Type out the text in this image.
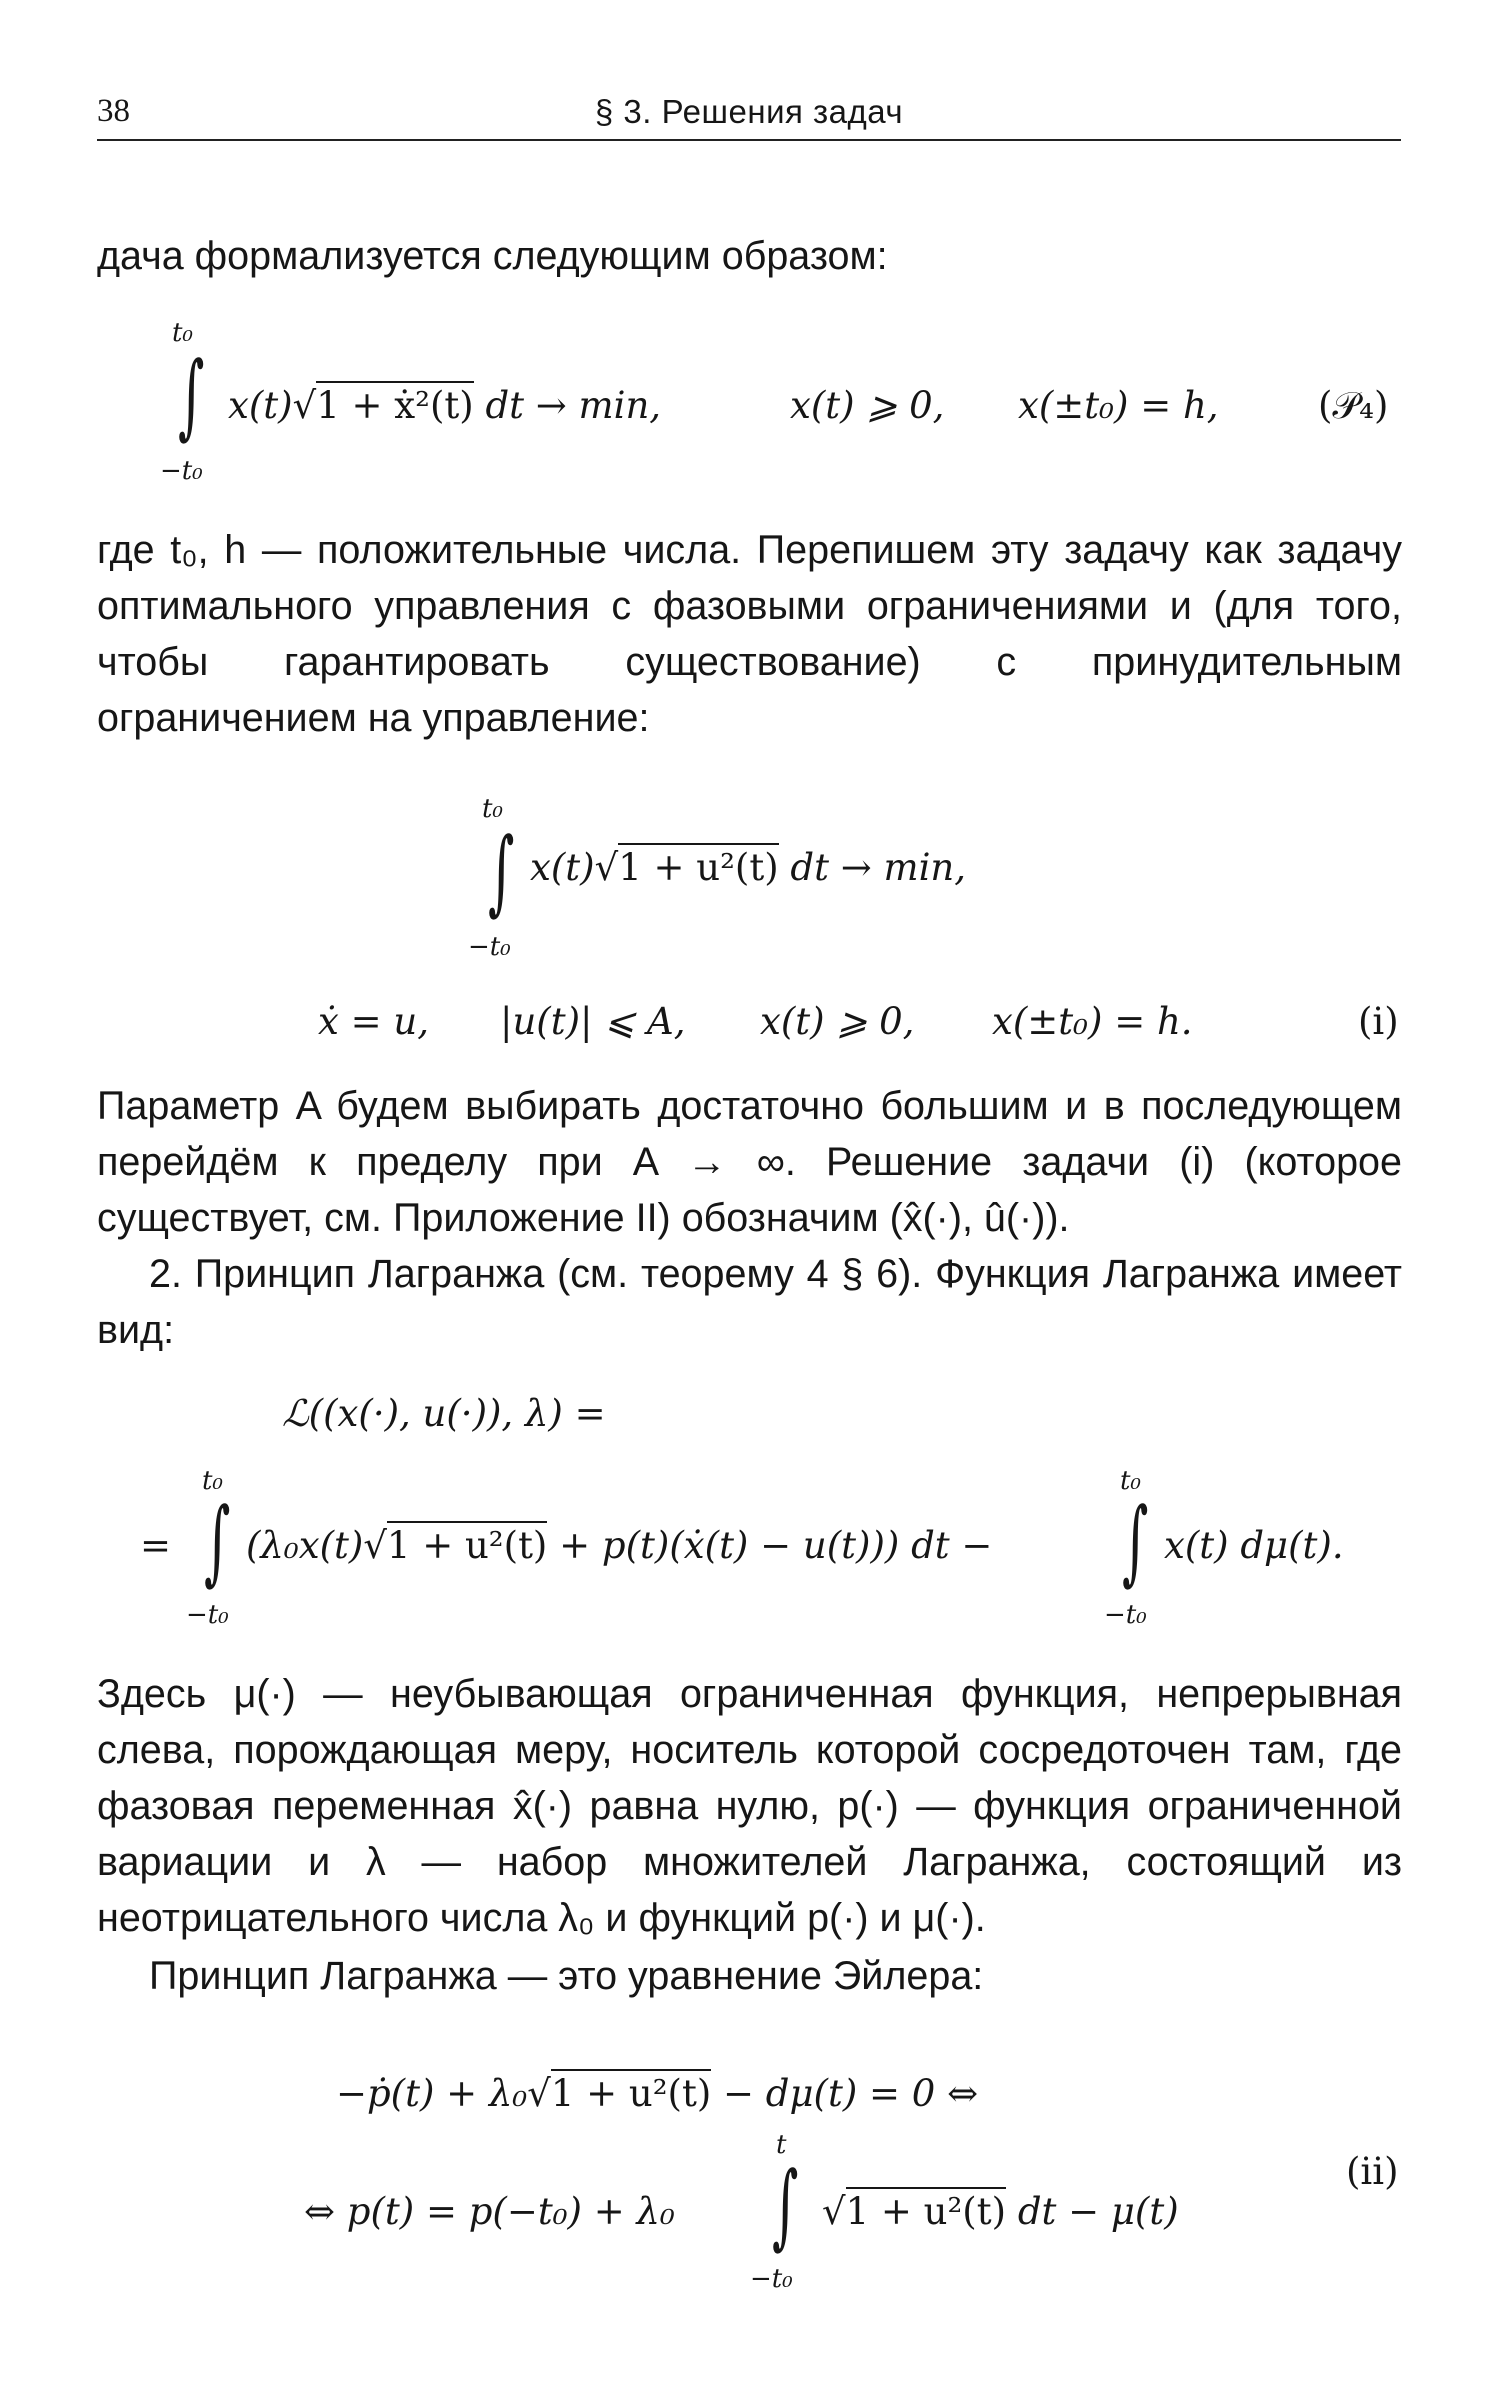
38	§ 3. Решения задач
дача формализуется следующим образом:
t₀
∫
−t₀
x(t)√1 + ẋ²(t) dt → min,	x(t) ⩾ 0, x(±t₀) = h,	(𝒫₄)
где t₀, h — положительные числа. Перепишем эту задачу как задачу оптимального управления с фазовыми ограничениями и (для того, чтобы гарантировать существование) с принудительным ограничением на управление:
t₀
∫
−t₀
x(t)√1 + u²(t) dt → min,
ẋ = u, |u(t)| ⩽ A, x(t) ⩾ 0, x(±t₀) = h.	(i)
Параметр A будем выбирать достаточно большим и в последующем перейдём к пределу при A → ∞. Решение задачи (i) (которое существует, см. Приложение II) обозначим (x̂(·), û(·)).
2. Принцип Лагранжа (см. теорему 4 § 6). Функция Лагранжа имеет вид:
ℒ((x(·), u(·)), λ) =
=
t₀
∫
−t₀
(λ₀x(t)√1 + u²(t) + p(t)(ẋ(t) − u(t))) dt −
t₀
∫
−t₀
x(t) dμ(t).
Здесь μ(·) — неубывающая ограниченная функция, непрерывная слева, порождающая меру, носитель которой сосредоточен там, где фазовая переменная x̂(·) равна нулю, p(·) — функция ограниченной вариации и λ — набор множителей Лагранжа, состоящий из неотрицательного числа λ₀ и функций p(·) и μ(·).
Принцип Лагранжа — это уравнение Эйлера:
−ṗ(t) + λ₀√1 + u²(t) − dμ(t) = 0 ⇔
⇔ p(t) = p(−t₀) + λ₀
t
∫
−t₀
√1 + u²(t) dt − μ(t)
(ii)
